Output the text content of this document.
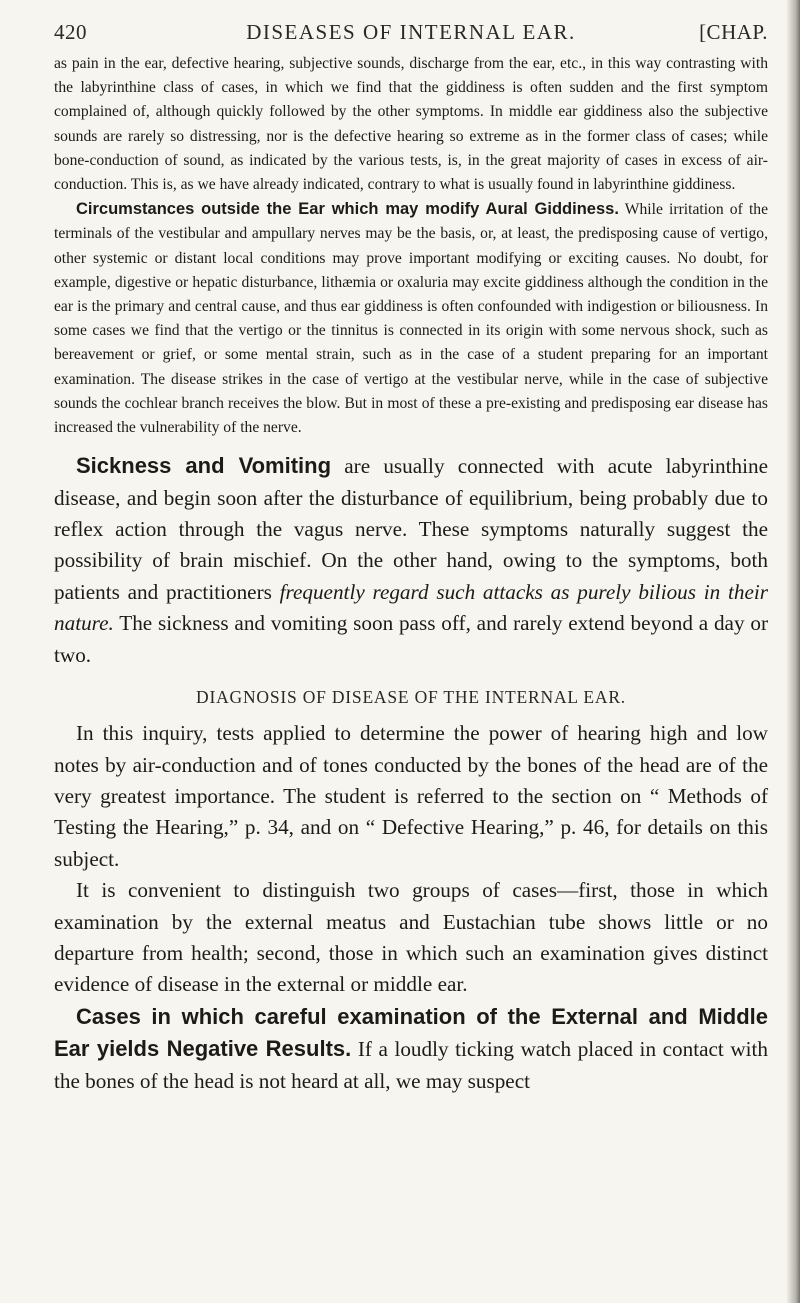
420	DISEASES OF INTERNAL EAR.	[CHAP.

as pain in the ear, defective hearing, subjective sounds, discharge from the ear, etc., in this way contrasting with the labyrinthine class of cases, in which we find that the giddiness is often sudden and the first symptom complained of, although quickly followed by the other symptoms. In middle ear giddiness also the subjective sounds are rarely so distressing, nor is the defective hearing so extreme as in the former class of cases; while bone-conduction of sound, as indicated by the various tests, is, in the great majority of cases in excess of air-conduction. This is, as we have already indicated, contrary to what is usually found in labyrinthine giddiness.

Circumstances outside the Ear which may modify Aural Giddiness. While irritation of the terminals of the vestibular and ampullary nerves may be the basis, or, at least, the predisposing cause of vertigo, other systemic or distant local conditions may prove important modifying or exciting causes. No doubt, for example, digestive or hepatic disturbance, lithæmia or oxaluria may excite giddiness although the condition in the ear is the primary and central cause, and thus ear giddiness is often confounded with indigestion or biliousness. In some cases we find that the vertigo or the tinnitus is connected in its origin with some nervous shock, such as bereavement or grief, or some mental strain, such as in the case of a student preparing for an important examination. The disease strikes in the case of vertigo at the vestibular nerve, while in the case of subjective sounds the cochlear branch receives the blow. But in most of these a pre-existing and predisposing ear disease has increased the vulnerability of the nerve.

Sickness and Vomiting are usually connected with acute labyrinthine disease, and begin soon after the disturbance of equilibrium, being probably due to reflex action through the vagus nerve. These symptoms naturally suggest the possibility of brain mischief. On the other hand, owing to the symptoms, both patients and practitioners frequently regard such attacks as purely bilious in their nature. The sickness and vomiting soon pass off, and rarely extend beyond a day or two.

DIAGNOSIS OF DISEASE OF THE INTERNAL EAR.

In this inquiry, tests applied to determine the power of hearing high and low notes by air-conduction and of tones conducted by the bones of the head are of the very greatest importance. The student is referred to the section on “ Methods of Testing the Hearing,” p. 34, and on “ Defective Hearing,” p. 46, for details on this subject.

It is convenient to distinguish two groups of cases—first, those in which examination by the external meatus and Eustachian tube shows little or no departure from health; second, those in which such an examination gives distinct evidence of disease in the external or middle ear.

Cases in which careful examination of the External and Middle Ear yields Negative Results. If a loudly ticking watch placed in contact with the bones of the head is not heard at all, we may suspect
